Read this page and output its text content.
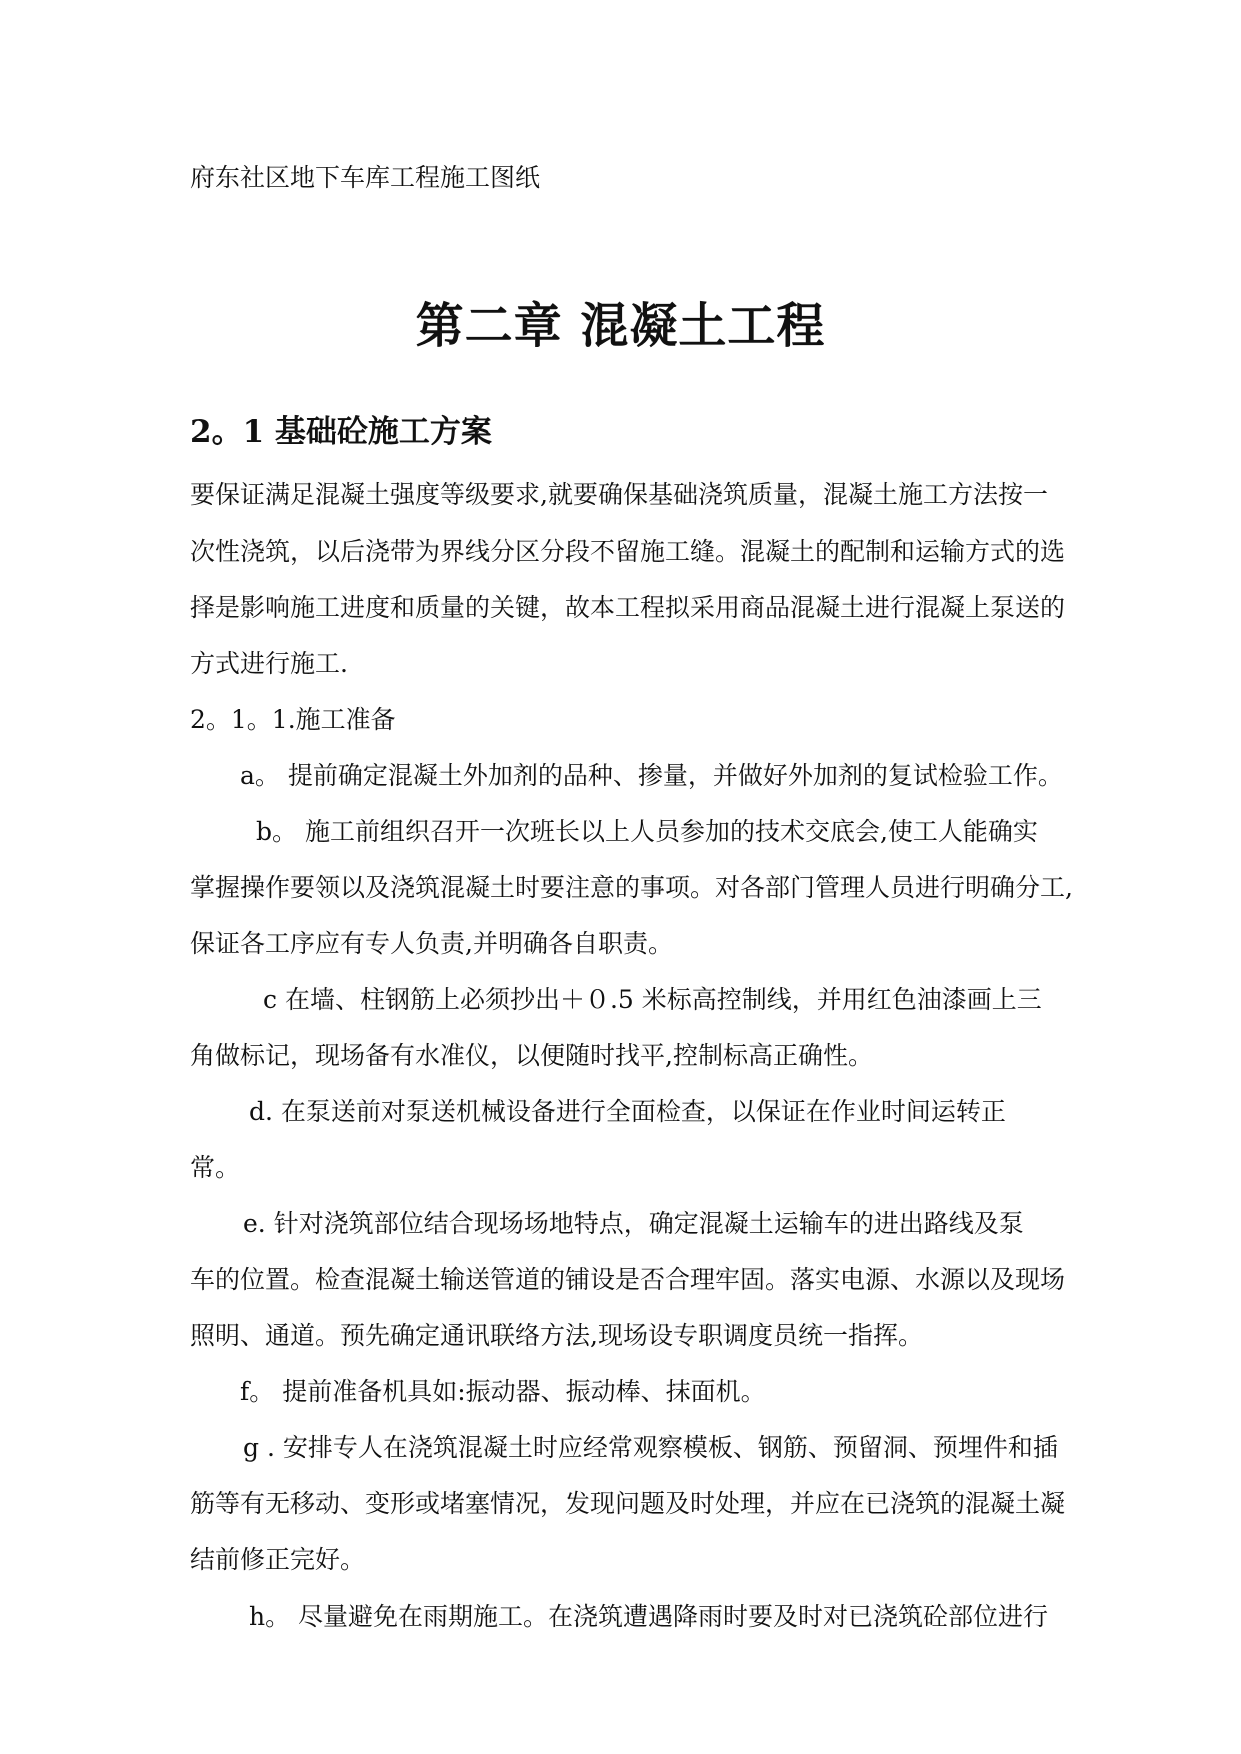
府东社区地下车库工程施工图纸
第二章 混凝土工程
2。1 基础砼施工方案
要保证满足混凝土强度等级要求,就要确保基础浇筑质量，混凝土施工方法按一
次性浇筑，以后浇带为界线分区分段不留施工缝。混凝土的配制和运输方式的选
择是影响施工进度和质量的关键，故本工程拟采用商品混凝土进行混凝上泵送的
方式进行施工.
2。1。1.施工准备
a。 提前确定混凝土外加剂的品种、掺量，并做好外加剂的复试检验工作。
b。 施工前组织召开一次班长以上人员参加的技术交底会,使工人能确实
掌握操作要领以及浇筑混凝土时要注意的事项。对各部门管理人员进行明确分工,
保证各工序应有专人负责,并明确各自职责。
c 在墙、柱钢筋上必须抄出＋０.5 米标高控制线，并用红色油漆画上三
角做标记，现场备有水准仪，以便随时找平,控制标高正确性。
d. 在泵送前对泵送机械设备进行全面检查，以保证在作业时间运转正
常。
e. 针对浇筑部位结合现场场地特点，确定混凝土运输车的进出路线及泵
车的位置。检查混凝土输送管道的铺设是否合理牢固。落实电源、水源以及现场
照明、通道。预先确定通讯联络方法,现场设专职调度员统一指挥。
f。 提前准备机具如:振动器、振动棒、抹面机。
g . 安排专人在浇筑混凝土时应经常观察模板、钢筋、预留洞、预埋件和插
筋等有无移动、变形或堵塞情况，发现问题及时处理，并应在已浇筑的混凝土凝
结前修正完好。
h。 尽量避免在雨期施工。在浇筑遭遇降雨时要及时对已浇筑砼部位进行
